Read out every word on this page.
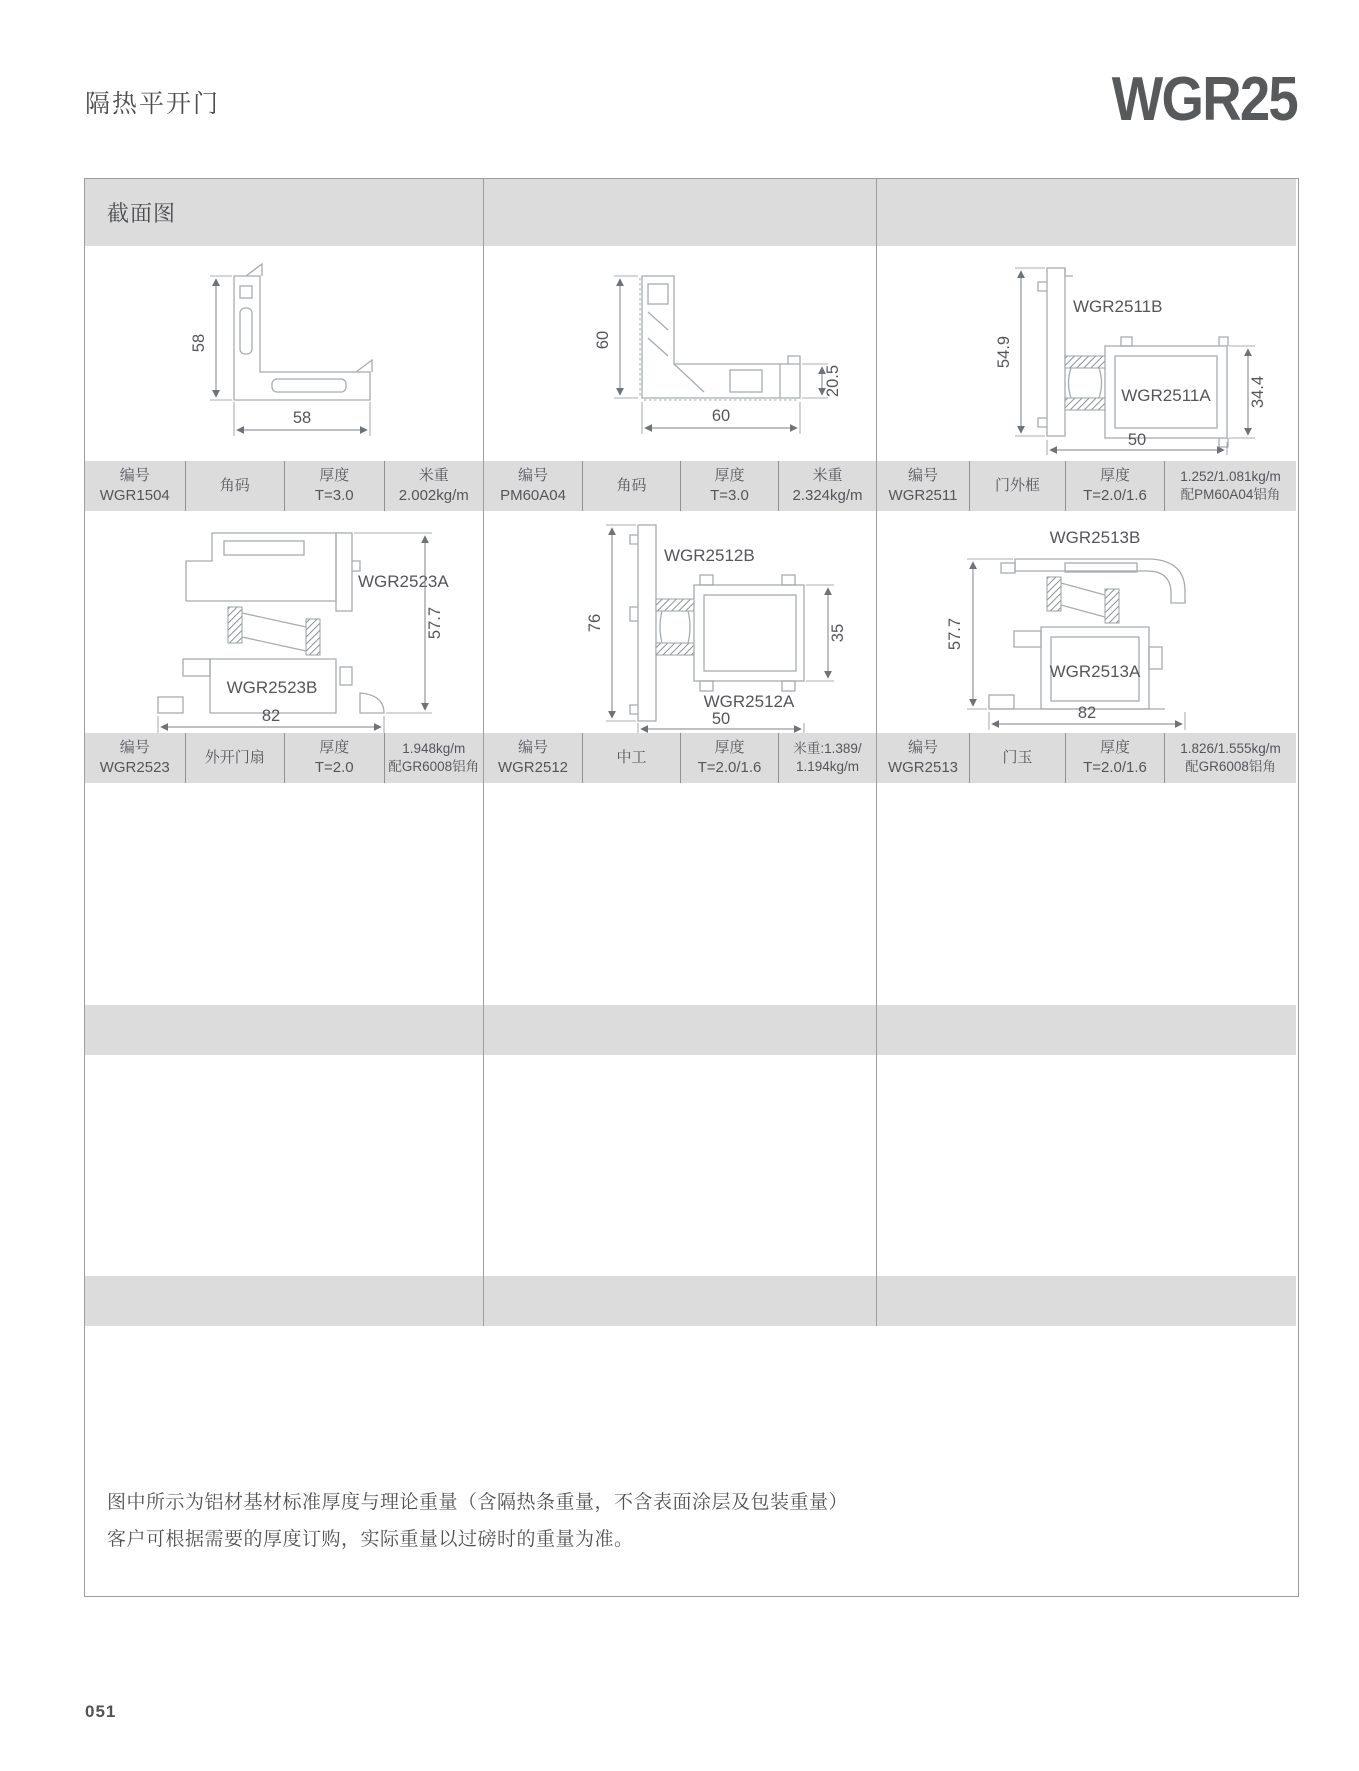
隔热平开门	WGR25
截面图
58
58
60
20.5
60
WGR2511B
WGR2511A
54.9
34.4
50
编号
WGR1504
角码
厚度
T=3.0
米重
2.002kg/m
编号
PM60A04
角码
厚度
T=3.0
米重
2.324kg/m
编号
WGR2511
门外框
厚度
T=2.0/1.6
1.252/1.081kg/m
配PM60A04铝角
WGR2523A
WGR2523B
57.7
82
WGR2512B
WGR2512A
76
35
50
WGR2513B
WGR2513A
57.7
82
编号
WGR2523
外开门扇
厚度
T=2.0
1.948kg/m
配GR6008铝角
编号
WGR2512
中工
厚度
T=2.0/1.6
米重:1.389/
1.194kg/m
编号
WGR2513
门玉
厚度
T=2.0/1.6
1.826/1.555kg/m
配GR6008铝角
图中所示为铝材基材标准厚度与理论重量（含隔热条重量，不含表面涂层及包装重量）
客户可根据需要的厚度订购，实际重量以过磅时的重量为准。
051
